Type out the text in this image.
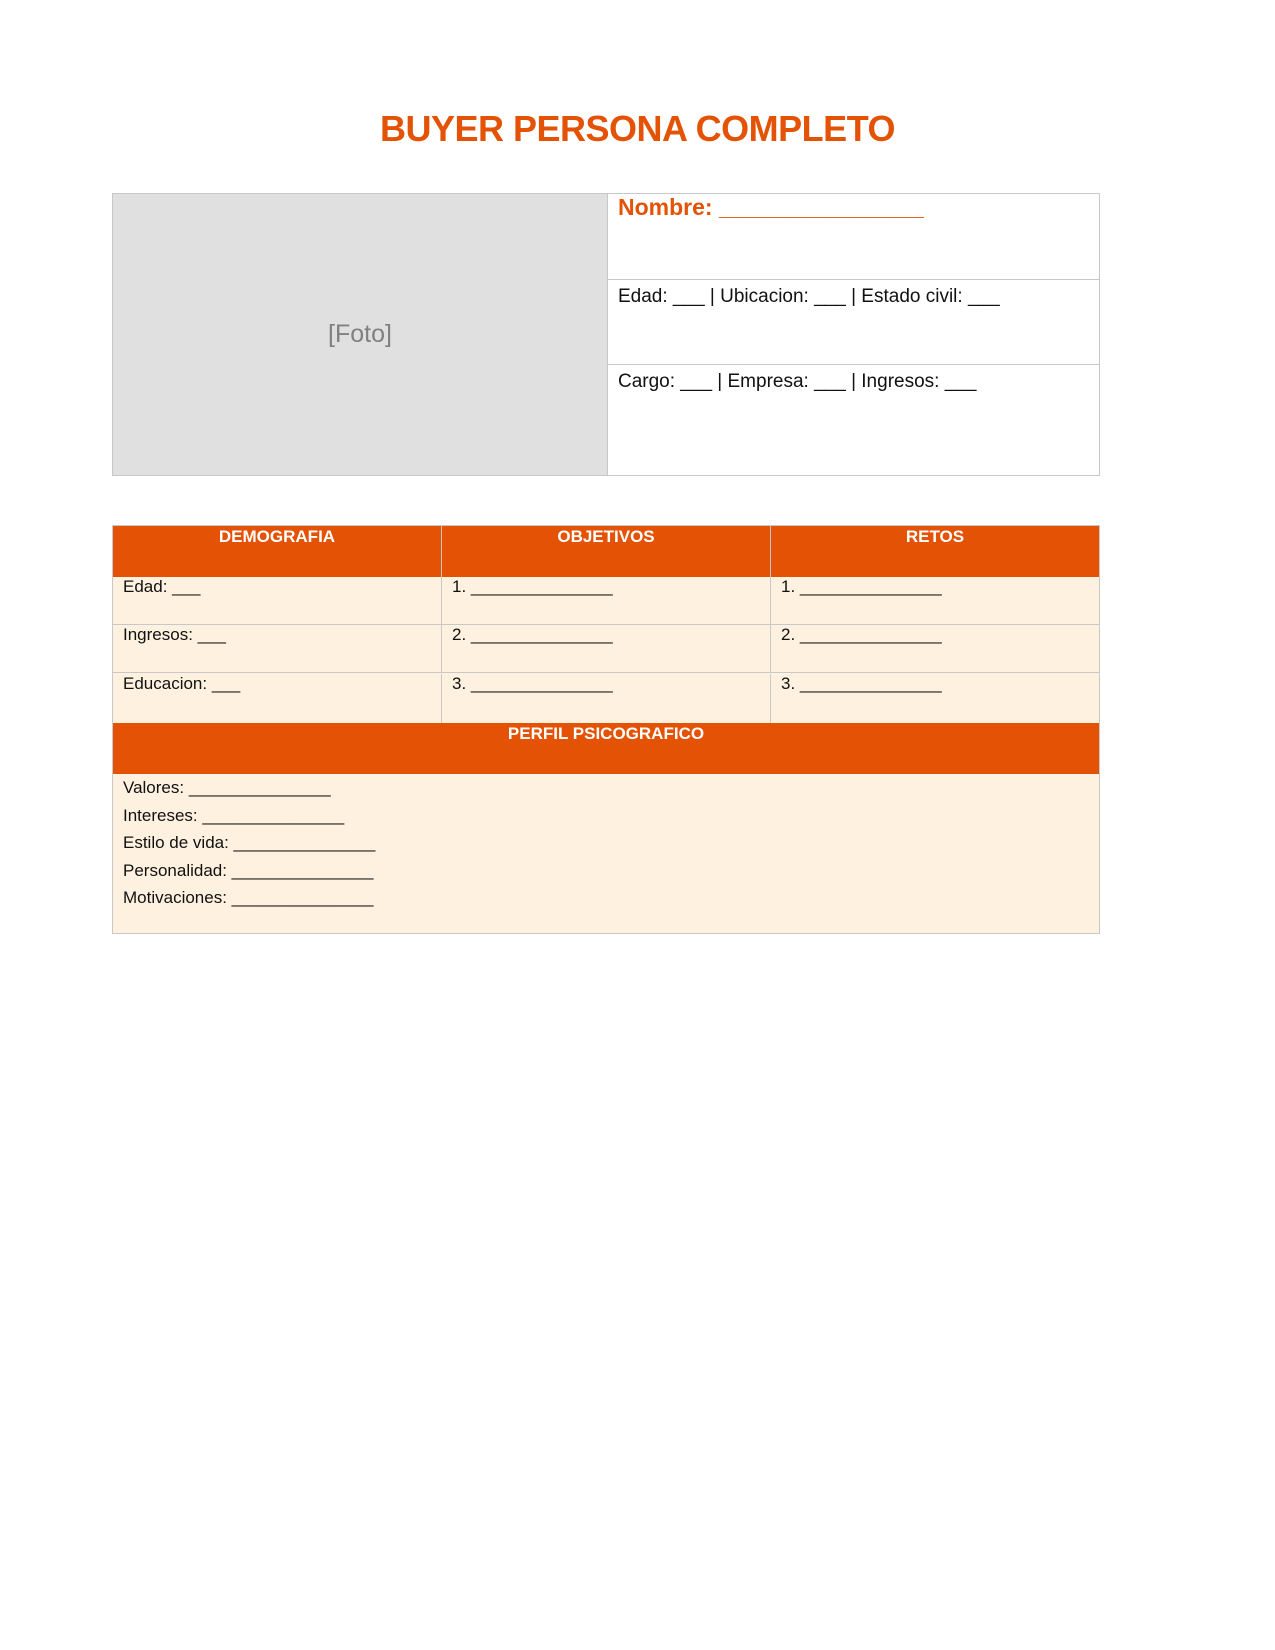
BUYER PERSONA COMPLETO
[Foto]
Nombre: ________________
Edad: ___ | Ubicacion: ___ | Estado civil: ___
Cargo: ___ | Empresa: ___ | Ingresos: ___
DEMOGRAFIA	OBJETIVOS	RETOS
Edad: ___	1. _______________	1. _______________
Ingresos: ___	2. _______________	2. _______________
Educacion: ___	3. _______________	3. _______________
PERFIL PSICOGRAFICO
Valores: _______________
Intereses: _______________
Estilo de vida: _______________
Personalidad: _______________
Motivaciones: _______________
